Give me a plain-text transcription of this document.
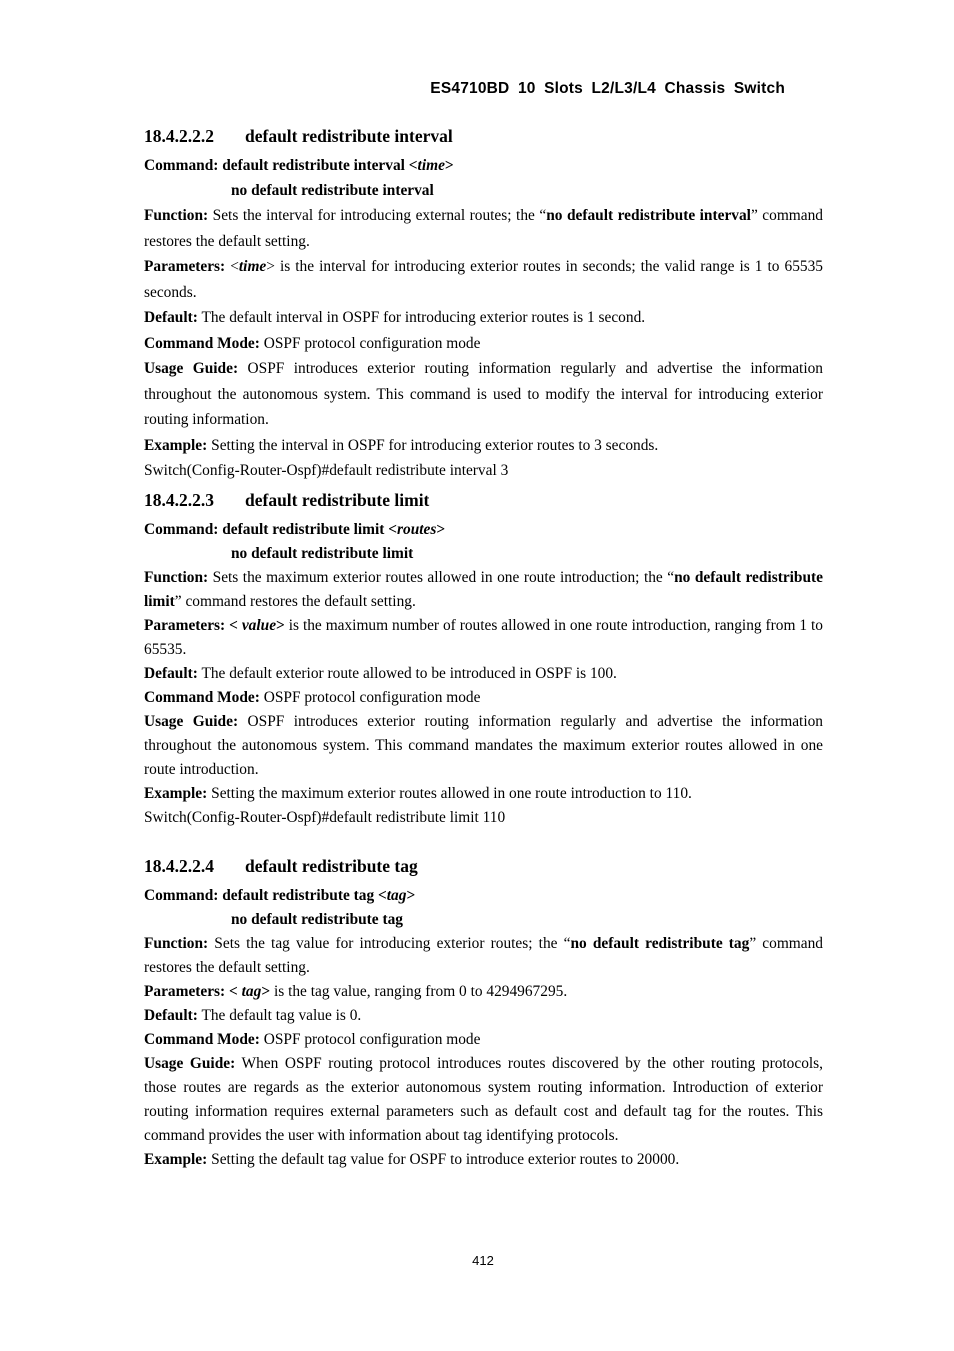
ES4710BD 10 Slots L2/L3/L4 Chassis Switch
18.4.2.2.2 default redistribute interval
Command: default redistribute interval <time>
no default redistribute interval

Function: Sets the interval for introducing external routes; the “no default redistribute interval” command restores the default setting.

Parameters: <time> is the interval for introducing exterior routes in seconds; the valid range is 1 to 65535 seconds.

Default: The default interval in OSPF for introducing exterior routes is 1 second.

Command Mode: OSPF protocol configuration mode

Usage Guide: OSPF introduces exterior routing information regularly and advertise the information throughout the autonomous system. This command is used to modify the interval for introducing exterior routing information.

Example: Setting the interval in OSPF for introducing exterior routes to 3 seconds.

Switch(Config-Router-Ospf)#default redistribute interval 3

18.4.2.2.3 default redistribute limit
Command: default redistribute limit <routes>
no default redistribute limit

Function: Sets the maximum exterior routes allowed in one route introduction; the “no default redistribute limit” command restores the default setting.

Parameters: < value> is the maximum number of routes allowed in one route introduction, ranging from 1 to 65535.

Default: The default exterior route allowed to be introduced in OSPF is 100.

Command Mode: OSPF protocol configuration mode

Usage Guide: OSPF introduces exterior routing information regularly and advertise the information throughout the autonomous system. This command mandates the maximum exterior routes allowed in one route introduction.

Example: Setting the maximum exterior routes allowed in one route introduction to 110.

Switch(Config-Router-Ospf)#default redistribute limit 110

18.4.2.2.4 default redistribute tag
Command: default redistribute tag <tag>
no default redistribute tag

Function: Sets the tag value for introducing exterior routes; the “no default redistribute tag” command restores the default setting.

Parameters: < tag> is the tag value, ranging from 0 to 4294967295.

Default: The default tag value is 0.

Command Mode: OSPF protocol configuration mode

Usage Guide: When OSPF routing protocol introduces routes discovered by the other routing protocols, those routes are regards as the exterior autonomous system routing information. Introduction of exterior routing information requires external parameters such as default cost and default tag for the routes. This command provides the user with information about tag identifying protocols.

Example: Setting the default tag value for OSPF to introduce exterior routes to 20000.

412
